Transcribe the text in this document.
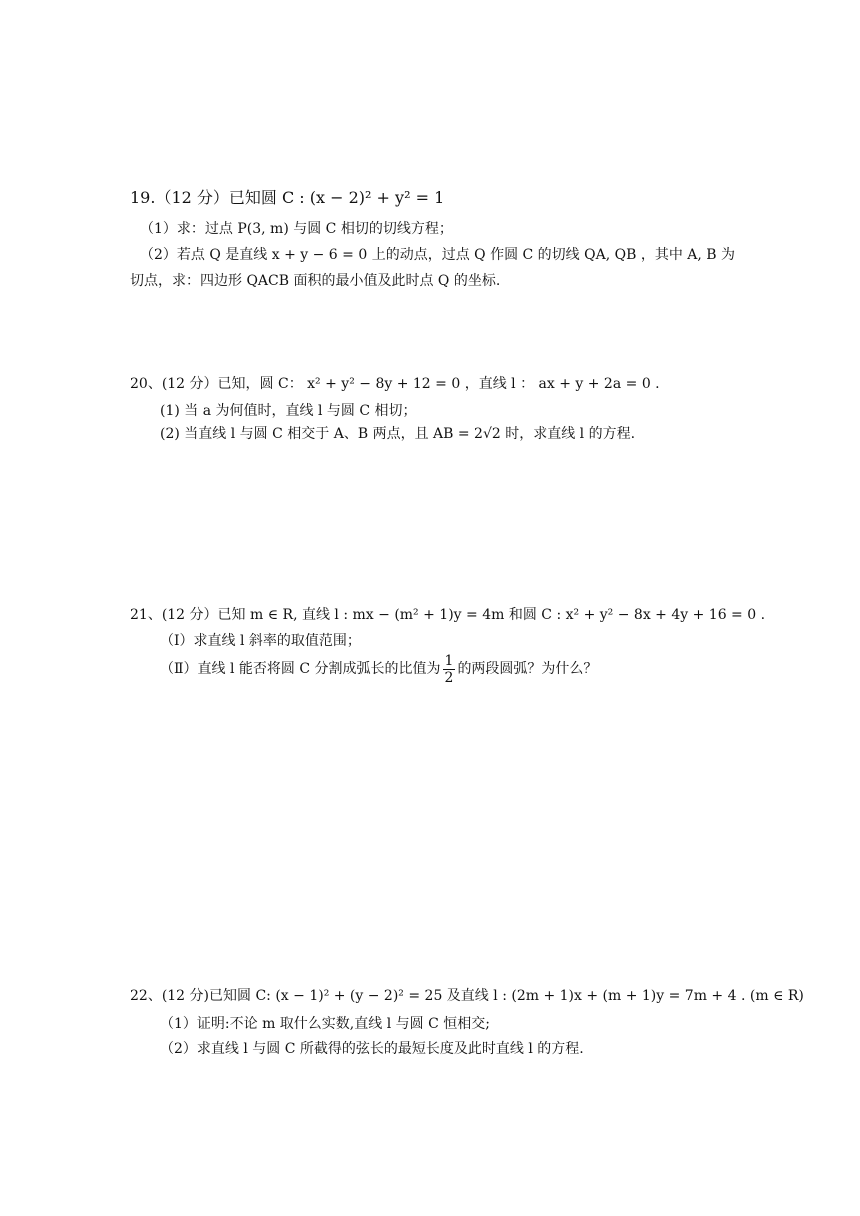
19.（12 分）已知圆 C : (x − 2)² + y² = 1
（1）求：过点 P(3, m) 与圆 C 相切的切线方程；
（2）若点 Q 是直线 x + y − 6 = 0 上的动点，过点 Q 作圆 C 的切线 QA, QB ，其中 A, B 为
切点，求：四边形 QACB 面积的最小值及此时点 Q 的坐标.
20、(12 分）已知，圆 C： x² + y² − 8y + 12 = 0 ，直线 l ： ax + y + 2a = 0 .
(1) 当 a 为何值时，直线 l 与圆 C 相切；
(2) 当直线 l 与圆 C 相交于 A、B 两点，且 AB = 2√2 时，求直线 l 的方程.
21、(12 分）已知 m ∈ R, 直线 l : mx − (m² + 1)y = 4m 和圆 C : x² + y² − 8x + 4y + 16 = 0 .
（Ⅰ）求直线 l 斜率的取值范围；
（Ⅱ）直线 l 能否将圆 C 分割成弧长的比值为 $\frac{1}{2}$ 的两段圆弧？为什么？
22、(12 分)已知圆 C: (x − 1)² + (y − 2)² = 25 及直线 l : (2m + 1)x + (m + 1)y = 7m + 4 . (m ∈ R)
（1）证明:不论 m 取什么实数,直线 l 与圆 C 恒相交;
（2）求直线 l 与圆 C 所截得的弦长的最短长度及此时直线 l 的方程.
